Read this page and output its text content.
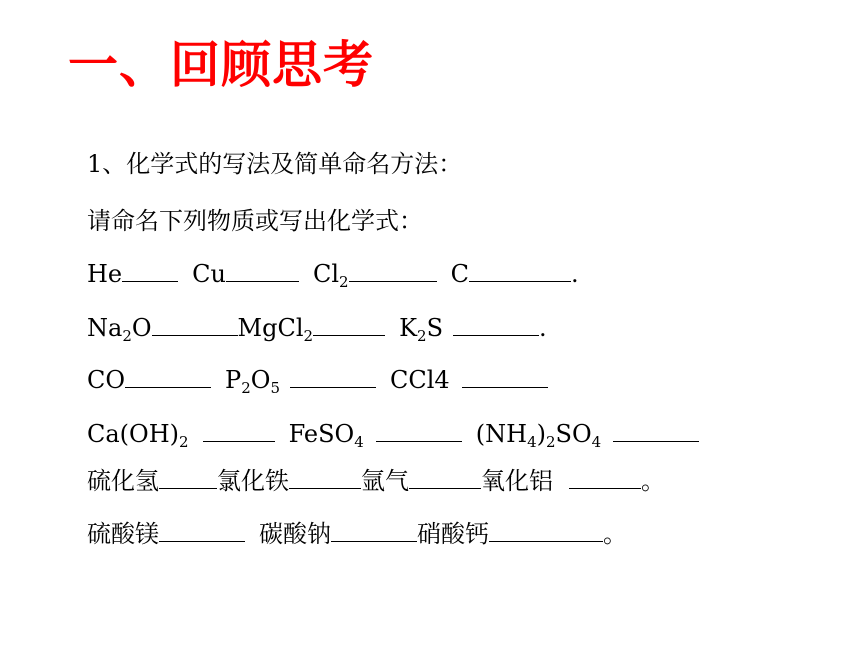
一、回顾思考
1、化学式的写法及简单命名方法：
请命名下列物质或写出化学式：
He	Cu	$Cl_2$	C	.
$Na_2O$	MgCl$_2$	$K_2S$	.
CO	$P_2O_5$	CCl4
$Ca(OH)_2$	FeSO$_4$	$(NH_4)_2SO_4$
硫化氢 氯化铁	氩气	氧化铝	。
硫酸镁	碳酸钠	硝酸钙	。
